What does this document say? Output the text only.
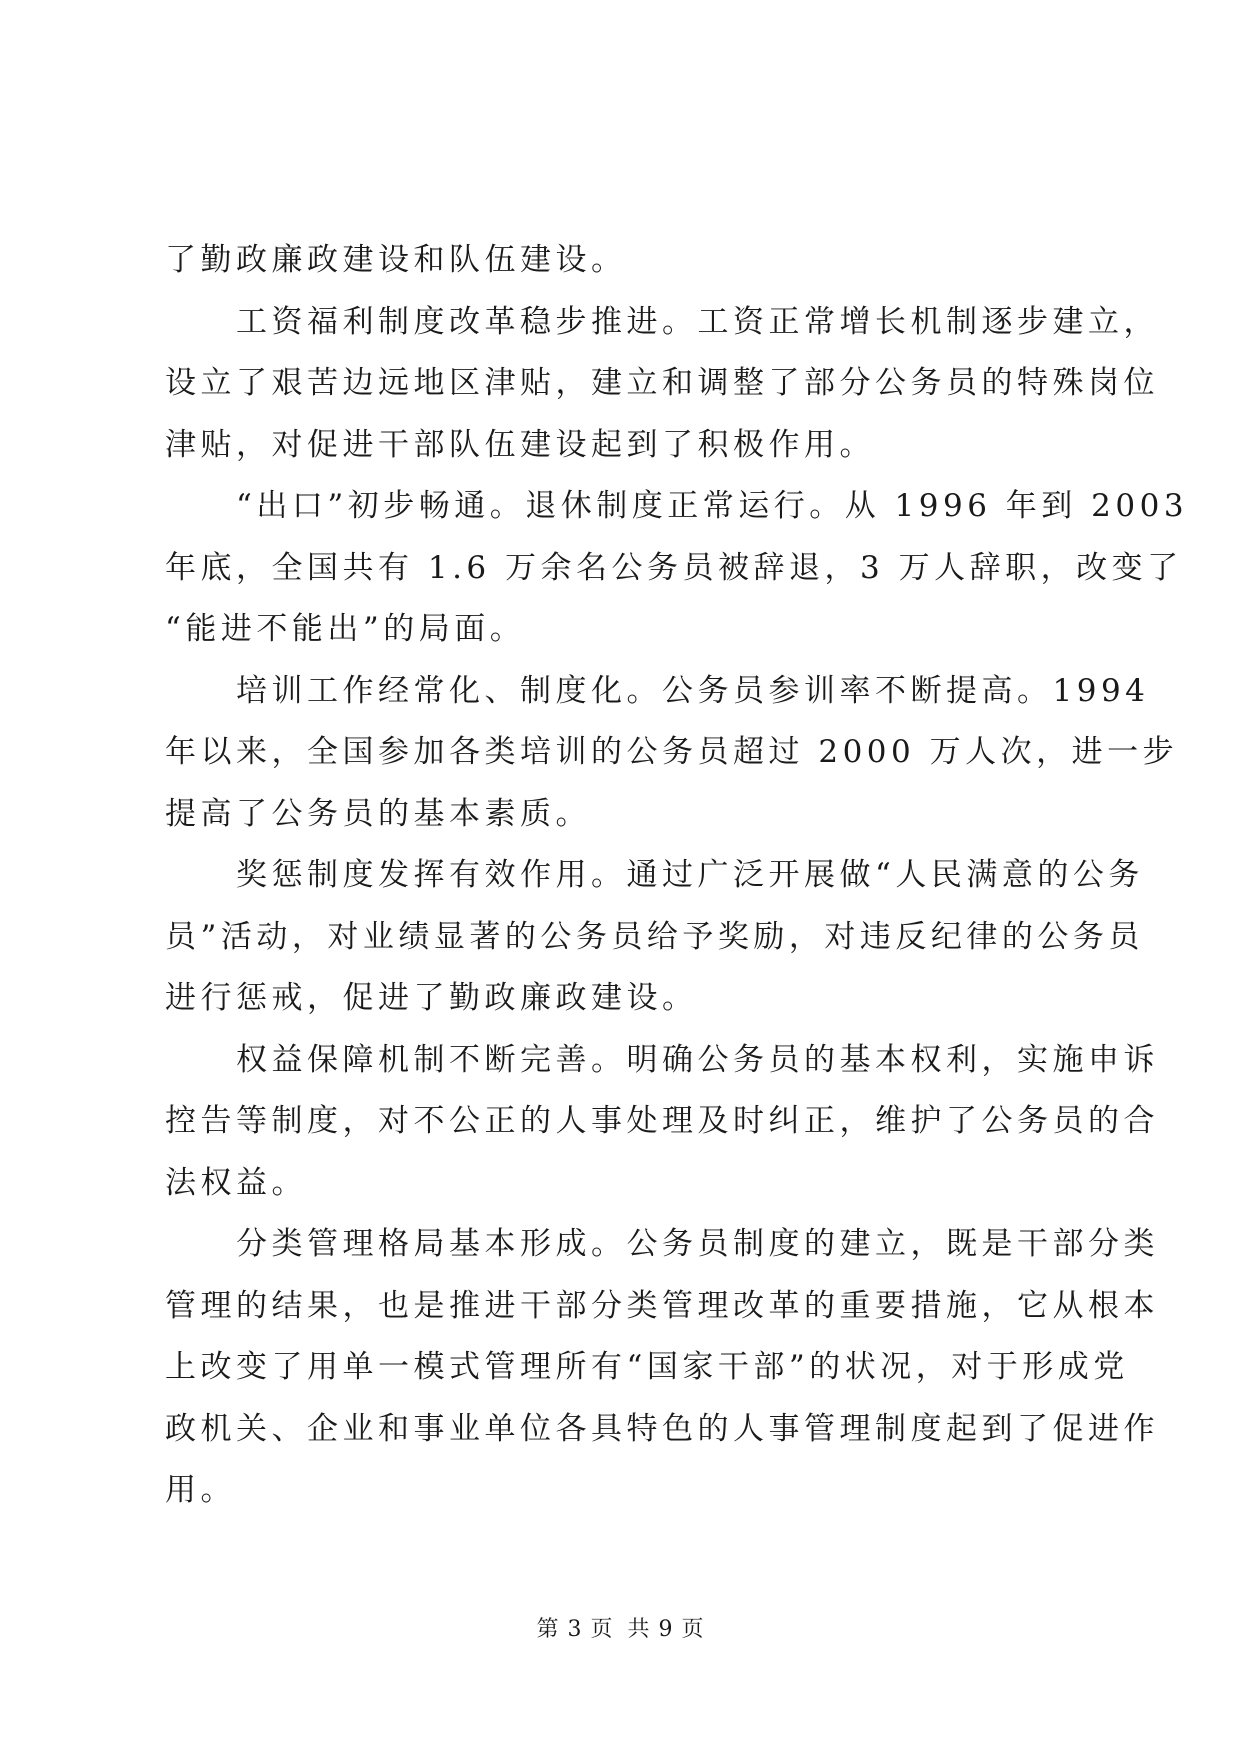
了勤政廉政建设和队伍建设。
　　工资福利制度改革稳步推进。工资正常增长机制逐步建立，
设立了艰苦边远地区津贴，建立和调整了部分公务员的特殊岗位
津贴，对促进干部队伍建设起到了积极作用。
　　“出口”初步畅通。退休制度正常运行。从 1996 年到 2003
年底，全国共有 1.6 万余名公务员被辞退，3 万人辞职，改变了
“能进不能出”的局面。
　　培训工作经常化、制度化。公务员参训率不断提高。1994
年以来，全国参加各类培训的公务员超过 2000 万人次，进一步
提高了公务员的基本素质。
　　奖惩制度发挥有效作用。通过广泛开展做“人民满意的公务
员”活动，对业绩显著的公务员给予奖励，对违反纪律的公务员
进行惩戒，促进了勤政廉政建设。
　　权益保障机制不断完善。明确公务员的基本权利，实施申诉
控告等制度，对不公正的人事处理及时纠正，维护了公务员的合
法权益。
　　分类管理格局基本形成。公务员制度的建立，既是干部分类
管理的结果，也是推进干部分类管理改革的重要措施，它从根本
上改变了用单一模式管理所有“国家干部”的状况，对于形成党
政机关、企业和事业单位各具特色的人事管理制度起到了促进作
用。
第 3 页 共 9 页
